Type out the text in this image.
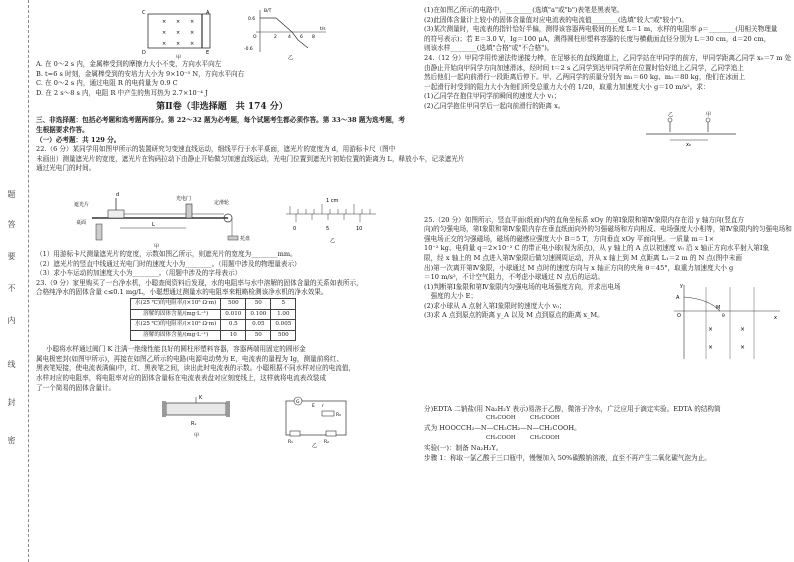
题
答
要
不
内
线
封
密
× × ×
× × ×
× × ×
C	A
D	E
甲
B/T
0.6
-0.6
2 4 6 8
t/s
O
乙
A. 在 0～2 s 内，金属棒受到的摩擦力大小不变，方向水平向左
B. t=6 s 时刻，金属棒受到的安培力大小为 9×10⁻⁵ N，方向水平向右
C. 在 0～2 s 内，通过电阻 R 的电荷量为 0.9 C
D. 在 2 s～8 s 内，电阻 R 中产生的焦耳热为 2.7×10⁻⁴ J
第Ⅱ卷（非选择题　共 174 分）
三、非选择题：包括必考题和选考题两部分。第 22～32 题为必考题，每个试题考生都必须作答。第 33～38 题为选考题，考生根据要求作答。
（一）必考题：共 129 分。
22.（6 分）某同学用如图甲所示的装置研究匀变速直线运动，细线平行于水平桌面，遮光片的宽度为 d，用游标卡尺（图中
未画出）测量遮光片的宽度，遮光片在钩码拉动下由静止开始做匀加速直线运动，光电门位置到遮光片初始位置的距离为 L，释放小车，记录遮光片
通过光电门的时间。
d
遮光片
光电门
定滑轮
桌面	L
托盘
甲
1 cm
0	5	10
乙
（1）用游标卡尺测量遮光片的宽度，示数如图乙所示，则遮光片的宽度为________mm。
（2）遮光片的竖直中线通过光电门时的速度大小为________。（用题中涉及的物理量表示）
（3）求小车运动的加速度大小为________。（用题中涉及的字母表示）
23.（9 分）家里购买了一台净水机，小聪查阅资料后发现，水的电阻率与水中溶解的固体含量的关系如表所示，
合格纯净水的固体含量 c≤0.1 mg/L，小聪想通过测量水的电阻率来粗略检测该净水机的净水效果。
水(25 ℃)的电阻率/(×10⁵ Ω·m)	500	50	5
溶解的固体含量/(mg·L⁻¹)	0.010	0.100	1.00
水(25 ℃)的电阻率/(×10⁵ Ω·m)	0.5	0.05	0.005
溶解的固体含量/(mg·L⁻¹)	10	50	500
小聪将水样通过阀门 K 注满一绝缘性能良好的圆柱形塑料容器，容器两端用固定的圆形金
属电极密封(如图甲所示)，再接在如图乙所示的电路(电源电动势为 E，电流表的量程为 Ig，测量前将红、
黑表笔短接，使电流表满偏)中，红、黑表笔之间，读出此时电流表的示数。小聪根据不同水样对应的电流值，
水样对应的电阻率，将电阻率对应的固体含量标在电流表表盘对应刻度线上，这样就将电流表改装成
了一个简易的固体含量计。
K
Rₓ
甲
G
E r
R₀
R₁	R₂
乙
(1)在如图乙所示的电路中，________(选填"a"或"b")表笔是黑表笔。
(2)此固体含量计上较小的固体含量值对应电流表的电流值________(选填"较大"或"较小")。
(3)某次测量时，电流表的指针恰好半偏，测得该容器两电极间的长度 L＝1 m，水样的电阻率 ρ＝________(用相关物理量
的符号表示)；若 E＝3.0 V，Ig＝100 μA，测得圆柱形塑料容器的长度与横截面直径分别为 L＝30 cm，d＝20 cm，
则该水样________(选填"合格"或"不合格")。
24.（12 分）甲同学用传递法传递接力棒，在足够长的直线跑道上，乙同学站在甲同学的前方，甲同学距离乙同学 x₀＝7 m 处
由静止开始向甲同学方向加速滑冰，经时间 t＝2 s 乙同学到达甲同学所在位置时恰好追上乙同学，乙同学追上
然后他们一起向前滑行一段距离后停下。甲、乙两同学的质量分别为 m₁＝60 kg、m₂＝80 kg，他们在冰面上
一起滑行时受到的阻力大小为他们所受总重力大小的 1/20，取重力加速度大小 g＝10 m/s²。求：
(1)乙同学在抱住甲同学前瞬间的速度大小 v₁；
(2)乙同学抱住甲同学后一起向前滑行的距离 x。
乙	甲
x₀
25.（20 分）如图所示，竖直平面(纸面)内的直角坐标系 xOy 的第Ⅰ象限和第Ⅳ象限内存在沿 y 轴方向(竖直方
向)的匀强电场，第Ⅰ象限和第Ⅳ象限内存在垂直纸面向外的匀强磁场和方向相反、电场强度大小相等，第Ⅳ象限内的匀强电场和
强电场正交的匀强磁场，磁场的磁感应强度大小 B＝5 T，方向垂直 xOy 平面向里。一质量 m＝1×
10⁻² kg、电荷量 q＝2×10⁻² C 的带正电小球(视为质点)，从 y 轴上的 A 点以初速度 v₀ 沿 x 轴正方向水平射入第Ⅰ象
限，经 x 轴上的 M 点进入第Ⅳ象限后做匀速圆周运动，并从 x 轴上到 M 点距离 L₁＝2 m 的 N 点(图中未画
出)第一次离开第Ⅳ象限，小球通过 M 点时的速度方向与 x 轴正方向的夹角 θ＝45°，取重力加速度大小 g
＝10 m/s²，不计空气阻力，不考虑小球通过 N 点后的运动。
(1)判断第Ⅰ象限和第Ⅳ象限内匀强电场的电场强度方向，并求出电场
　强度的大小 E；
(2)求小球从 A 点射入第Ⅰ象限时的速度大小 v₀；
(3)求 A 点到原点的距离 y_A 以及 M 点到原点的距离 x_M。
×	×
×	×
y
A
M
θ
O	x
分)EDTA 二钠盐(用 Na₂H₂Y 表示)易溶于乙醇，微溶于冷水，广泛应用于滴定实验。EDTA 的结构简
式为 HOOCCH₂—N—CH₂CH₂—N—CH₂COOH。
CH₂COOH	CH₂COOH
CH₂COOH	CH₂COOH
实验(一)：制备 Na₂H₂Y。
步骤 1：称取一氯乙酸于三口瓶中，慢慢加入 50%碳酸钠溶液，直至不再产生二氧化碳气泡为止。
